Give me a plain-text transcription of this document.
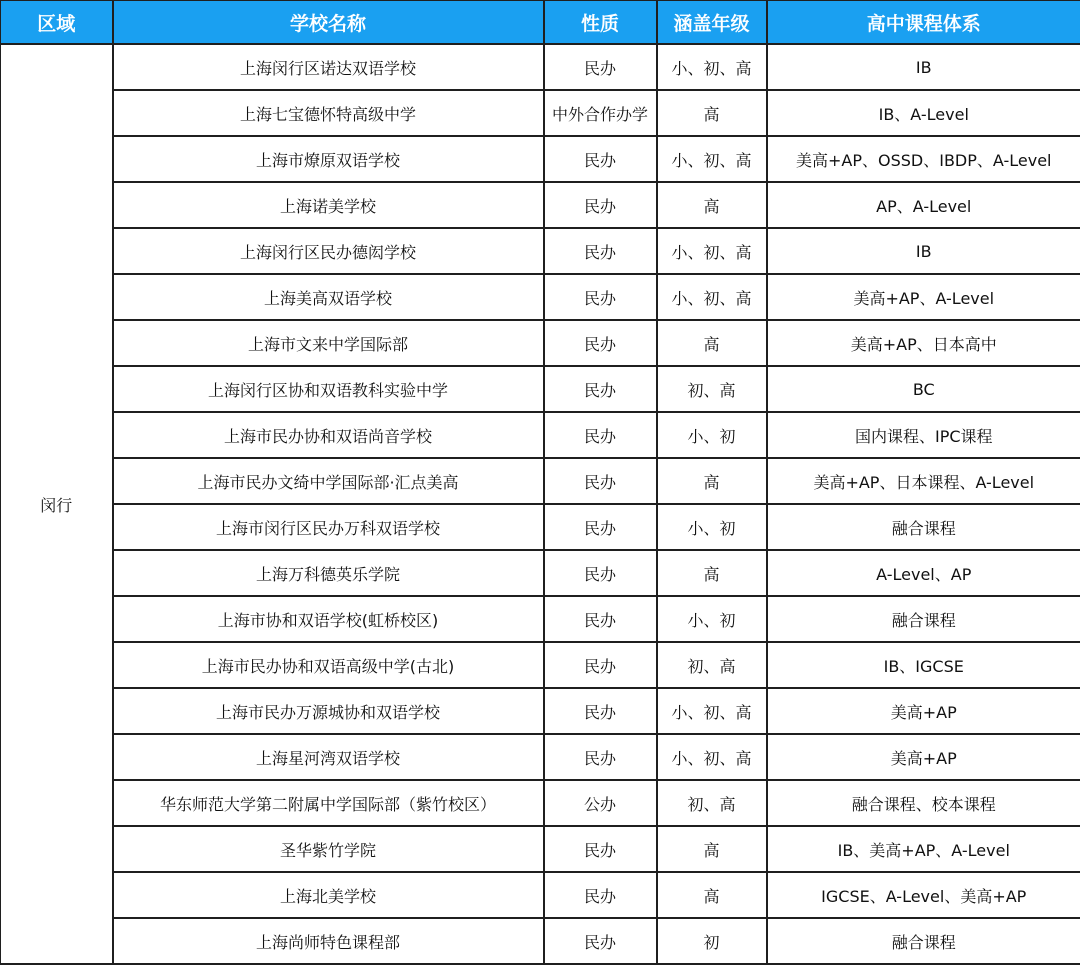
区域	学校名称	性质	涵盖年级	高中课程体系
闵行	上海闵行区诺达双语学校	民办	小、初、高	IB
	上海七宝德怀特高级中学	中外合作办学	高	IB、A-Level
	上海市燎原双语学校	民办	小、初、高	美高+AP、OSSD、IBDP、A-Level
	上海诺美学校	民办	高	AP、A-Level
	上海闵行区民办德闳学校	民办	小、初、高	IB
	上海美高双语学校	民办	小、初、高	美高+AP、A-Level
	上海市文来中学国际部	民办	高	美高+AP、日本高中
	上海闵行区协和双语教科实验中学	民办	初、高	BC
	上海市民办协和双语尚音学校	民办	小、初	国内课程、IPC课程
	上海市民办文绮中学国际部·汇点美高	民办	高	美高+AP、日本课程、A-Level
	上海市闵行区民办万科双语学校	民办	小、初	融合课程
	上海万科德英乐学院	民办	高	A-Level、AP
	上海市协和双语学校(虹桥校区)	民办	小、初	融合课程
	上海市民办协和双语高级中学(古北)	民办	初、高	IB、IGCSE
	上海市民办万源城协和双语学校	民办	小、初、高	美高+AP
	上海星河湾双语学校	民办	小、初、高	美高+AP
	华东师范大学第二附属中学国际部（紫竹校区）	公办	初、高	融合课程、校本课程
	圣华紫竹学院	民办	高	IB、美高+AP、A-Level
	上海北美学校	民办	高	IGCSE、A-Level、美高+AP
	上海尚师特色课程部	民办	初	融合课程
